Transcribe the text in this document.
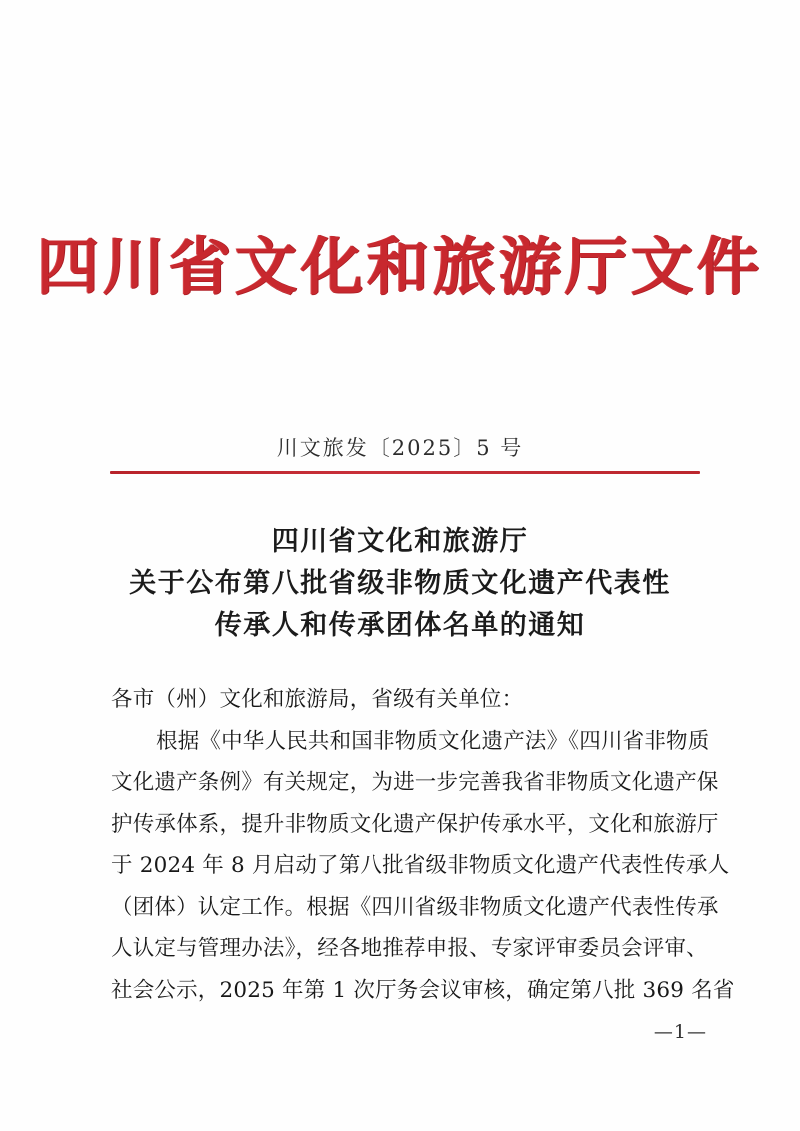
四川省文化和旅游厅文件
川文旅发〔2025〕5 号
四川省文化和旅游厅
关于公布第八批省级非物质文化遗产代表性
传承人和传承团体名单的通知
各市（州）文化和旅游局，省级有关单位：
根据《中华人民共和国非物质文化遗产法》《四川省非物质
文化遗产条例》有关规定，为进一步完善我省非物质文化遗产保
护传承体系，提升非物质文化遗产保护传承水平，文化和旅游厅
于 2024 年 8 月启动了第八批省级非物质文化遗产代表性传承人
（团体）认定工作。根据《四川省级非物质文化遗产代表性传承
人认定与管理办法》，经各地推荐申报、专家评审委员会评审、
社会公示，2025 年第 1 次厅务会议审核，确定第八批 369 名省
—1—
